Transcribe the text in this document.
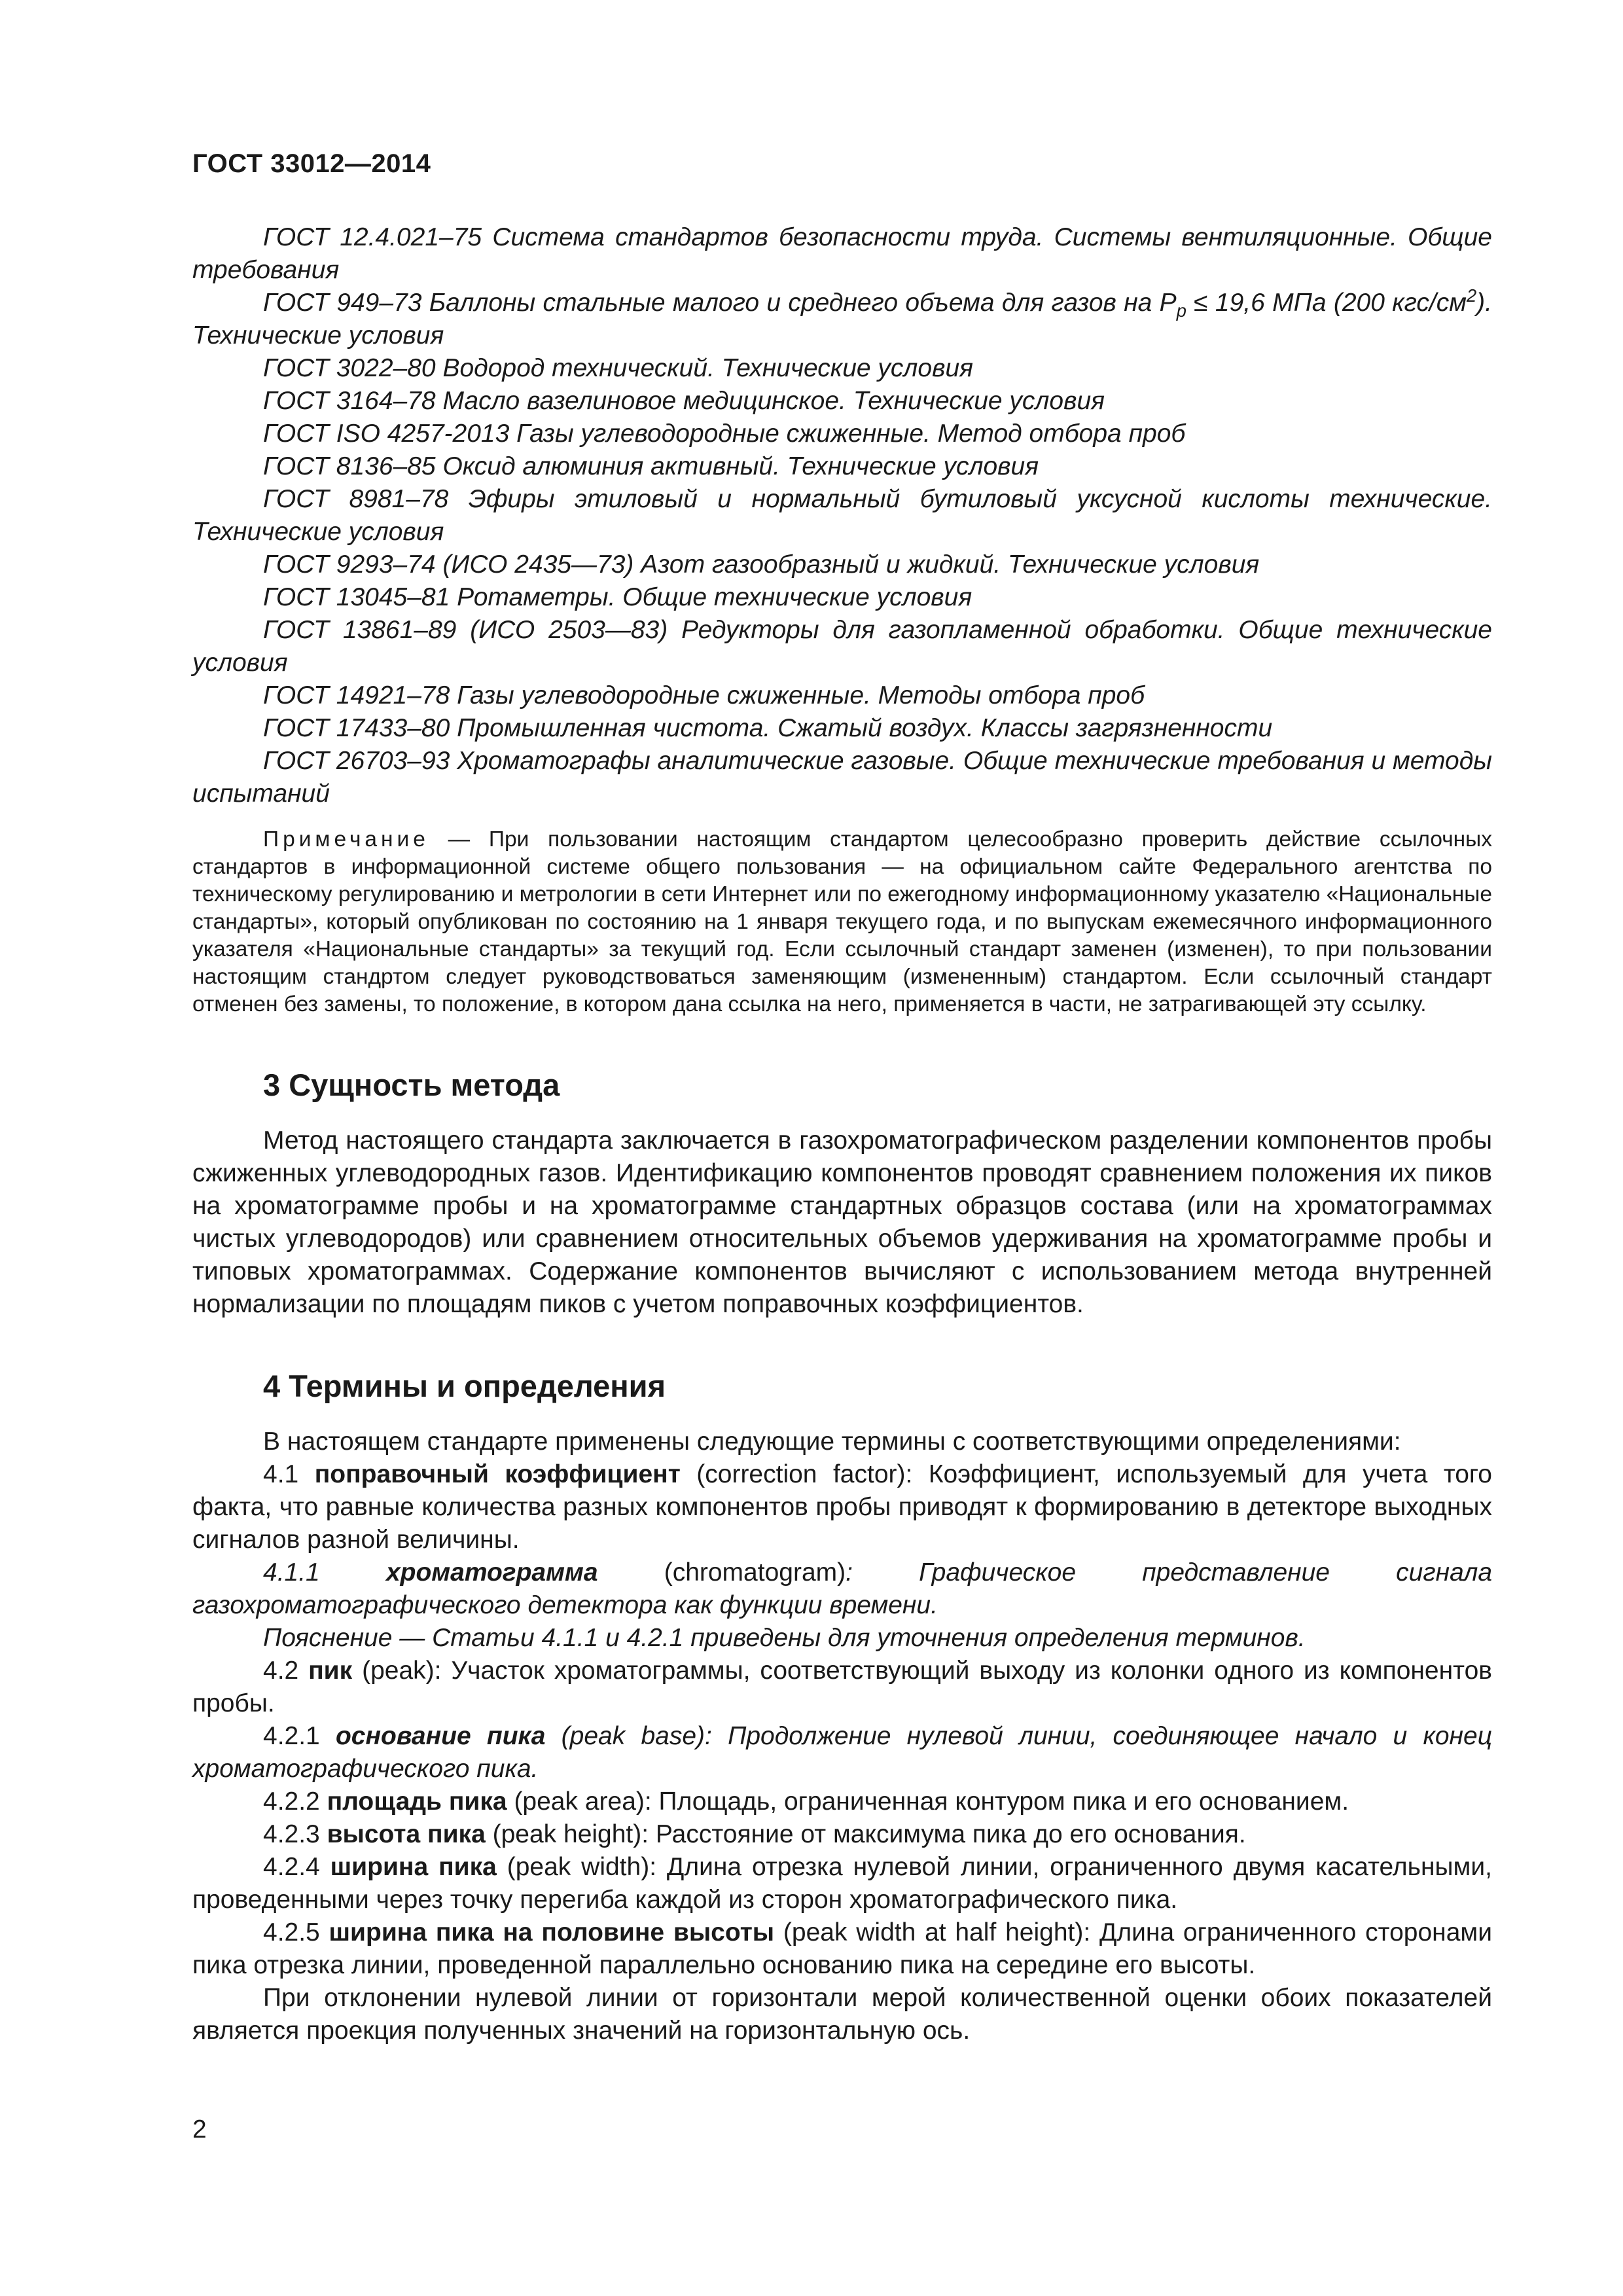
ГОСТ 33012—2014

ГОСТ 12.4.021–75 Система стандартов безопасности труда. Системы вентиляционные. Общие требования

ГОСТ 949–73 Баллоны стальные малого и среднего объема для газов на $P_p \le 19,6$ МПа (200 кгс/$см^2$). Технические условия

ГОСТ 3022–80 Водород технический. Технические условия

ГОСТ 3164–78 Масло вазелиновое медицинское. Технические условия

ГОСТ ISO 4257-2013 Газы углеводородные сжиженные. Метод отбора проб

ГОСТ 8136–85 Оксид алюминия активный. Технические условия

ГОСТ 8981–78 Эфиры этиловый и нормальный бутиловый уксусной кислоты технические. Технические условия

ГОСТ 9293–74 (ИСО 2435—73) Азот газообразный и жидкий. Технические условия

ГОСТ 13045–81 Ротаметры. Общие технические условия

ГОСТ 13861–89 (ИСО 2503—83) Редукторы для газопламенной обработки. Общие технические условия

ГОСТ 14921–78 Газы углеводородные сжиженные. Методы отбора проб

ГОСТ 17433–80 Промышленная чистота. Сжатый воздух. Классы загрязненности

ГОСТ 26703–93 Хроматографы аналитические газовые. Общие технические требования и методы испытаний

Примечание — При пользовании настоящим стандартом целесообразно проверить действие ссылочных стандартов в информационной системе общего пользования — на официальном сайте Федерального агентства по техническому регулированию и метрологии в сети Интернет или по ежегодному информационному указателю «Национальные стандарты», который опубликован по состоянию на 1 января текущего года, и по выпускам ежемесячного информационного указателя «Национальные стандарты» за текущий год. Если ссылочный стандарт заменен (изменен), то при пользовании настоящим стандртом следует руководствоваться заменяющим (измененным) стандартом. Если ссылочный стандарт отменен без замены, то положение, в котором дана ссылка на него, применяется в части, не затрагивающей эту ссылку.

3 Сущность метода

Метод настоящего стандарта заключается в газохроматографическом разделении компонентов пробы сжиженных углеводородных газов. Идентификацию компонентов проводят сравнением положения их пиков на хроматограмме пробы и на хроматограмме стандартных образцов состава (или на хроматограммах чистых углеводородов) или сравнением относительных объемов удерживания на хроматограмме пробы и типовых хроматограммах. Содержание компонентов вычисляют с использованием метода внутренней нормализации по площадям пиков с учетом поправочных коэффициентов.

4 Термины и определения

В настоящем стандарте применены следующие термины с соответствующими определениями:

4.1 поправочный коэффициент (correction factor): Коэффициент, используемый для учета того факта, что равные количества разных компонентов пробы приводят к формированию в детекторе выходных сигналов разной величины.

4.1.1 хроматограмма (chromatogram): Графическое представление сигнала газохроматографического детектора как функции времени.

Пояснение — Статьи 4.1.1 и 4.2.1 приведены для уточнения определения терминов.

4.2 пик (peak): Участок хроматограммы, соответствующий выходу из колонки одного из компонентов пробы.

4.2.1 основание пика (peak base): Продолжение нулевой линии, соединяющее начало и конец хроматографического пика.

4.2.2 площадь пика (peak area): Площадь, ограниченная контуром пика и его основанием.

4.2.3 высота пика (peak height): Расстояние от максимума пика до его основания.

4.2.4 ширина пика (peak width): Длина отрезка нулевой линии, ограниченного двумя касательными, проведенными через точку перегиба каждой из сторон хроматографического пика.

4.2.5 ширина пика на половине высоты (peak width at half height): Длина ограниченного сторонами пика отрезка линии, проведенной параллельно основанию пика на середине его высоты.

При отклонении нулевой линии от горизонтали мерой количественной оценки обоих показателей является проекция полученных значений на горизонтальную ось.

2
